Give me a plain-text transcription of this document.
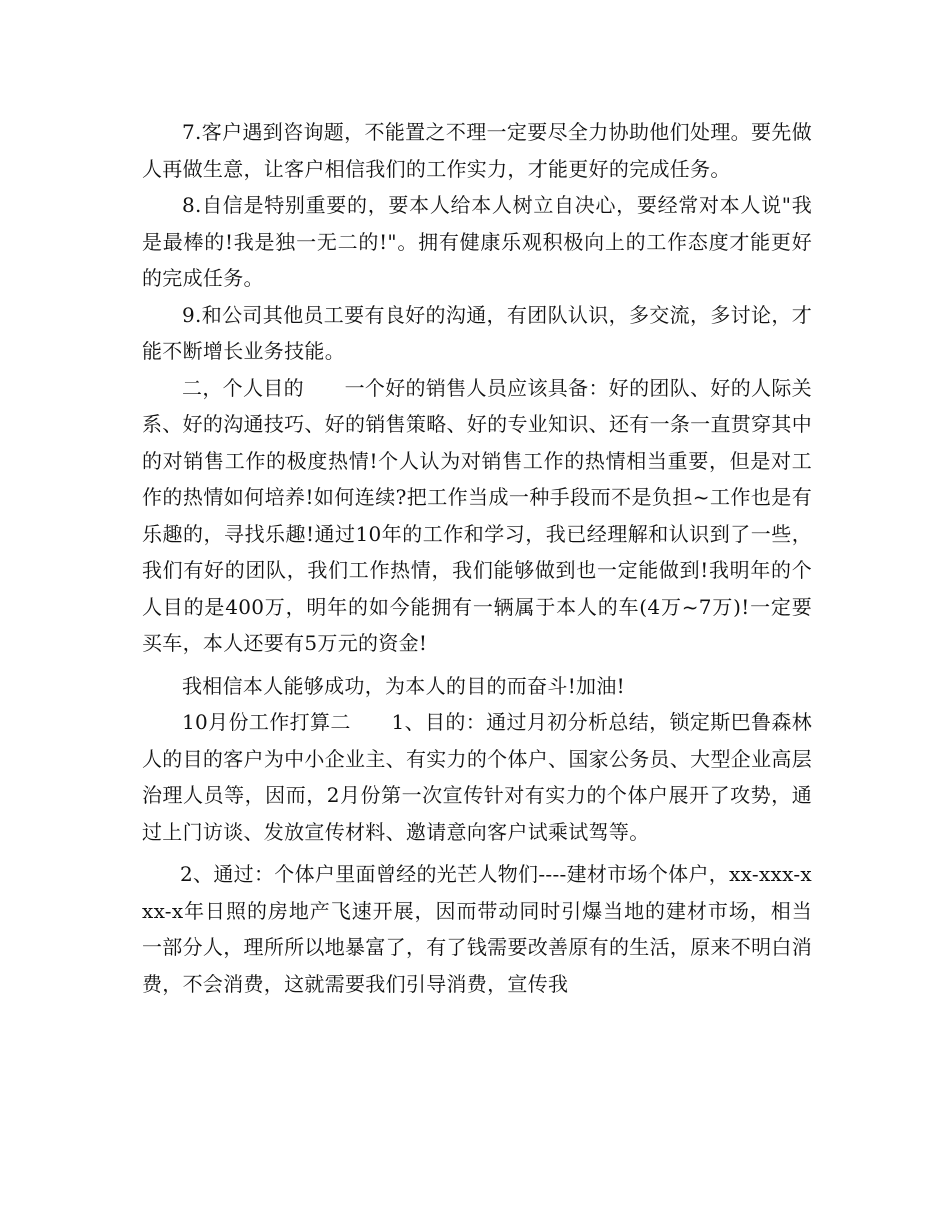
7.客户遇到咨询题，不能置之不理一定要尽全力协助他们处理。要先做人再做生意，让客户相信我们的工作实力，才能更好的完成任务。

8.自信是特别重要的，要本人给本人树立自决心，要经常对本人说"我是最棒的!我是独一无二的!"。拥有健康乐观积极向上的工作态度才能更好的完成任务。

9.和公司其他员工要有良好的沟通，有团队认识，多交流，多讨论，才能不断增长业务技能。

二，个人目的　　一个好的销售人员应该具备：好的团队、好的人际关系、好的沟通技巧、好的销售策略、好的专业知识、还有一条一直贯穿其中的对销售工作的极度热情!个人认为对销售工作的热情相当重要，但是对工作的热情如何培养!如何连续?把工作当成一种手段而不是负担~工作也是有乐趣的，寻找乐趣!通过10年的工作和学习，我已经理解和认识到了一些，我们有好的团队，我们工作热情，我们能够做到也一定能做到!我明年的个人目的是400万，明年的如今能拥有一辆属于本人的车(4万~7万)!一定要买车，本人还要有5万元的资金!

我相信本人能够成功，为本人的目的而奋斗!加油!

10月份工作打算二　　1、目的：通过月初分析总结，锁定斯巴鲁森林人的目的客户为中小企业主、有实力的个体户、国家公务员、大型企业高层治理人员等，因而，2月份第一次宣传针对有实力的个体户展开了攻势，通过上门访谈、发放宣传材料、邀请意向客户试乘试驾等。

2、通过：个体户里面曾经的光芒人物们----建材市场个体户，xx-xxx-xxx-x年日照的房地产飞速开展，因而带动同时引爆当地的建材市场，相当一部分人，理所所以地暴富了，有了钱需要改善原有的生活，原来不明白消费，不会消费，这就需要我们引导消费，宣传我
